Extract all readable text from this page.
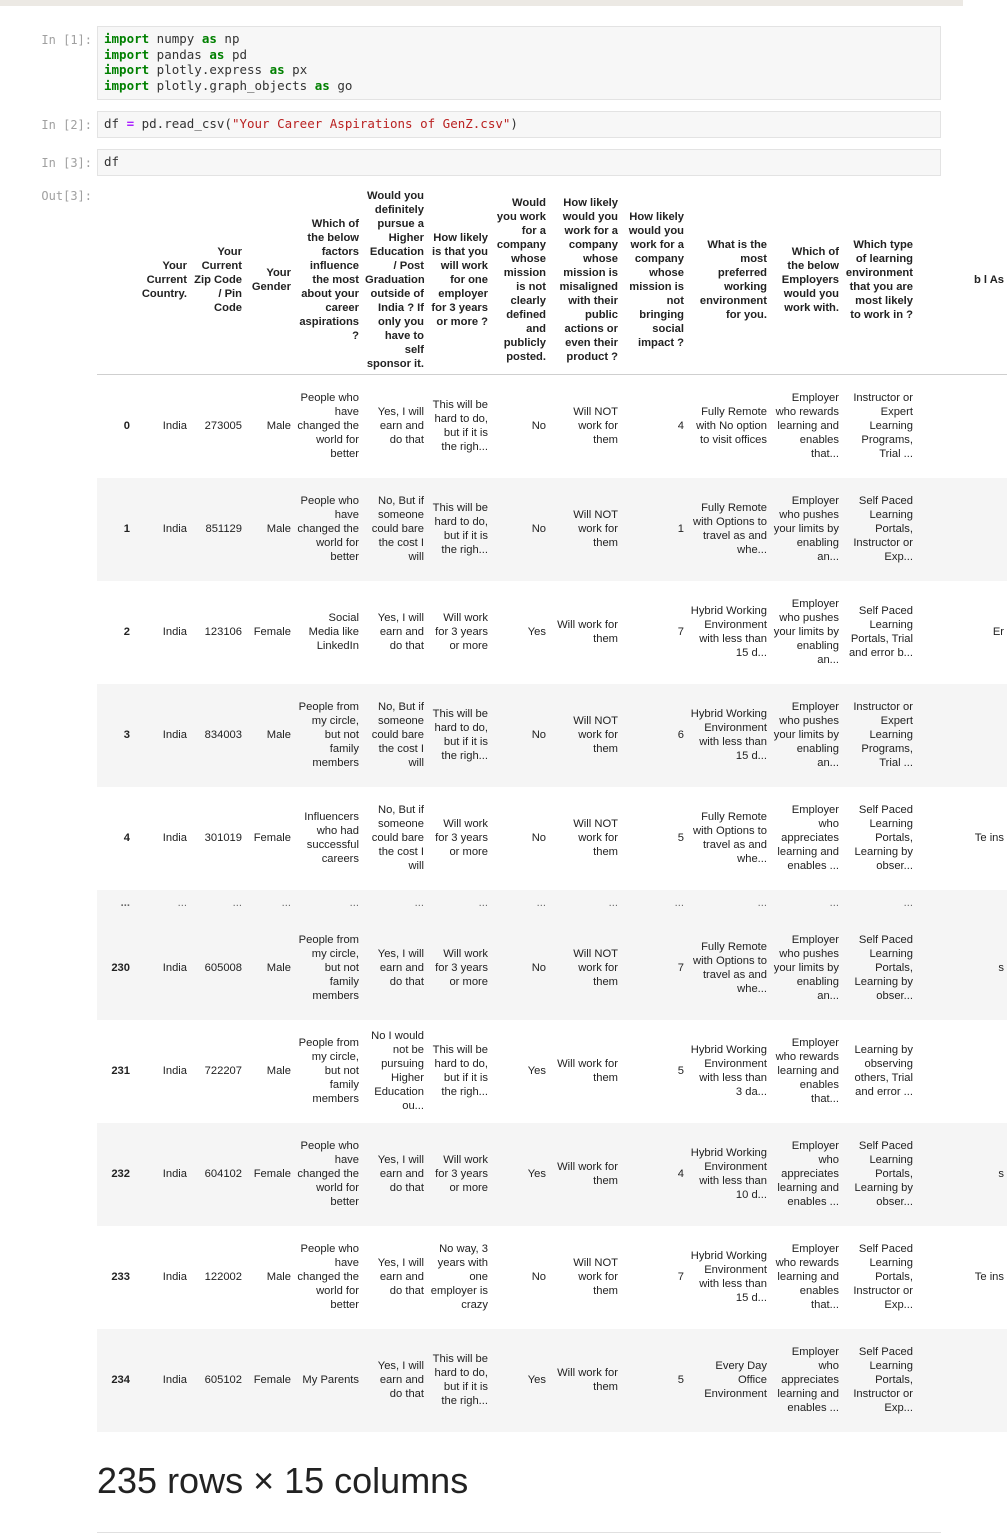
In [1]: import numpy as np
import pandas as pd
import plotly.express as px
import plotly.graph_objects as go
In [2]: df = pd.read_csv("Your Career Aspirations of GenZ.csv")
In [3]: df
Out[3]:
	Your Current Country.	Your Current Zip Code / Pin Code	Your Gender	Which of the below factors influence the most about your career aspirations ?	Would you definitely pursue a Higher Education / Post Graduation outside of India ? If only you have to self sponsor it.	How likely is that you will work for one employer for 3 years or more ?	Would you work for a company whose mission is not clearly defined and publicly posted.	How likely would you work for a company whose mission is misaligned with their public actions or even their product ?	How likely would you work for a company whose mission is not bringing social impact ?	What is the most preferred working environment for you.	Which of the below Employers would you work with.	Which type of learning environment that you are most likely to work in ?	b l As
0	India	273005	Male	People who have changed the world for better	Yes, I will earn and do that	This will be hard to do, but if it is the righ...	No	Will NOT work for them	4	Fully Remote with No option to visit offices	Employer who rewards learning and enables that...	Instructor or Expert Learning Programs, Trial ...	
1	India	851129	Male	People who have changed the world for better	No, But if someone could bare the cost I will	This will be hard to do, but if it is the righ...	No	Will NOT work for them	1	Fully Remote with Options to travel as and whe...	Employer who pushes your limits by enabling an...	Self Paced Learning Portals, Instructor or Exp...	
2	India	123106	Female	Social Media like LinkedIn	Yes, I will earn and do that	Will work for 3 years or more	Yes	Will work for them	7	Hybrid Working Environment with less than 15 d...	Employer who pushes your limits by enabling an...	Self Paced Learning Portals, Trial and error b...	Er
3	India	834003	Male	People from my circle, but not family members	No, But if someone could bare the cost I will	This will be hard to do, but if it is the righ...	No	Will NOT work for them	6	Hybrid Working Environment with less than 15 d...	Employer who pushes your limits by enabling an...	Instructor or Expert Learning Programs, Trial ...	
4	India	301019	Female	Influencers who had successful careers	No, But if someone could bare the cost I will	Will work for 3 years or more	No	Will NOT work for them	5	Fully Remote with Options to travel as and whe...	Employer who appreciates learning and enables ...	Self Paced Learning Portals, Learning by obser...	Te ins
...	...	...	...	...	...	...	...	...	...	...	...	...	
230	India	605008	Male	People from my circle, but not family members	Yes, I will earn and do that	Will work for 3 years or more	No	Will NOT work for them	7	Fully Remote with Options to travel as and whe...	Employer who pushes your limits by enabling an...	Self Paced Learning Portals, Learning by obser...	s
231	India	722207	Male	People from my circle, but not family members	No I would not be pursuing Higher Education ou...	This will be hard to do, but if it is the righ...	Yes	Will work for them	5	Hybrid Working Environment with less than 3 da...	Employer who rewards learning and enables that...	Learning by observing others, Trial and error ...	
232	India	604102	Female	People who have changed the world for better	Yes, I will earn and do that	Will work for 3 years or more	Yes	Will work for them	4	Hybrid Working Environment with less than 10 d...	Employer who appreciates learning and enables ...	Self Paced Learning Portals, Learning by obser...	s
233	India	122002	Male	People who have changed the world for better	Yes, I will earn and do that	No way, 3 years with one employer is crazy	No	Will NOT work for them	7	Hybrid Working Environment with less than 15 d...	Employer who rewards learning and enables that...	Self Paced Learning Portals, Instructor or Exp...	Te ins
234	India	605102	Female	My Parents	Yes, I will earn and do that	This will be hard to do, but if it is the righ...	Yes	Will work for them	5	Every Day Office Environment	Employer who appreciates learning and enables ...	Self Paced Learning Portals, Instructor or Exp...	
235 rows × 15 columns
